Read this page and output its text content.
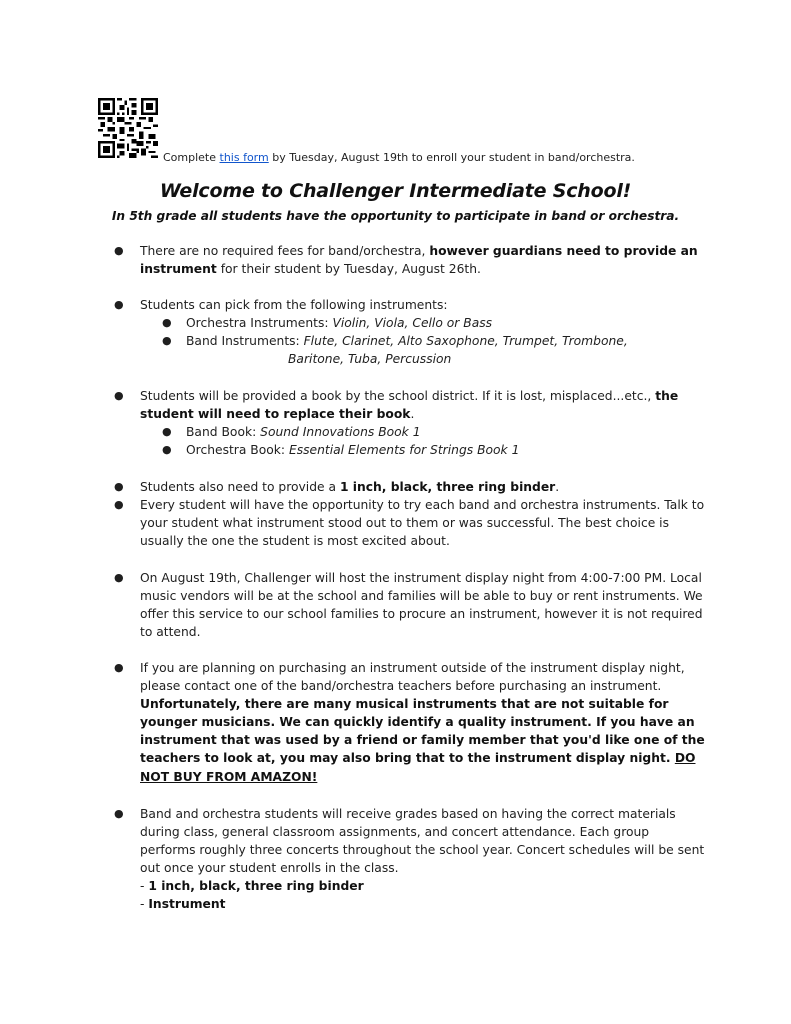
Complete this form by Tuesday, August 19th to enroll your student in band/orchestra.
Welcome to Challenger Intermediate School!

In 5th grade all students have the opportunity to participate in band or orchestra.

● There are no required fees for band/orchestra, however guardians need to provide an instrument for their student by Tuesday, August 26th.
● Students can pick from the following instruments:
● Orchestra Instruments: Violin, Viola, Cello or Bass
● Band Instruments: Flute, Clarinet, Alto Saxophone, Trumpet, Trombone,
Baritone, Tuba, Percussion
● Students will be provided a book by the school district. If it is lost, misplaced...etc., the student will need to replace their book.
● Band Book: Sound Innovations Book 1
● Orchestra Book: Essential Elements for Strings Book 1
● Students also need to provide a 1 inch, black, three ring binder.
● Every student will have the opportunity to try each band and orchestra instruments. Talk to your student what instrument stood out to them or was successful. The best choice is usually the one the student is most excited about.
● On August 19th, Challenger will host the instrument display night from 4:00-7:00 PM. Local music vendors will be at the school and families will be able to buy or rent instruments. We offer this service to our school families to procure an instrument, however it is not required to attend.
● If you are planning on purchasing an instrument outside of the instrument display night, please contact one of the band/orchestra teachers before purchasing an instrument. Unfortunately, there are many musical instruments that are not suitable for younger musicians. We can quickly identify a quality instrument. If you have an instrument that was used by a friend or family member that you'd like one of the teachers to look at, you may also bring that to the instrument display night. DO NOT BUY FROM AMAZON!
● Band and orchestra students will receive grades based on having the correct materials during class, general classroom assignments, and concert attendance. Each group performs roughly three concerts throughout the school year. Concert schedules will be sent out once your student enrolls in the class.
- 1 inch, black, three ring binder
- Instrument
